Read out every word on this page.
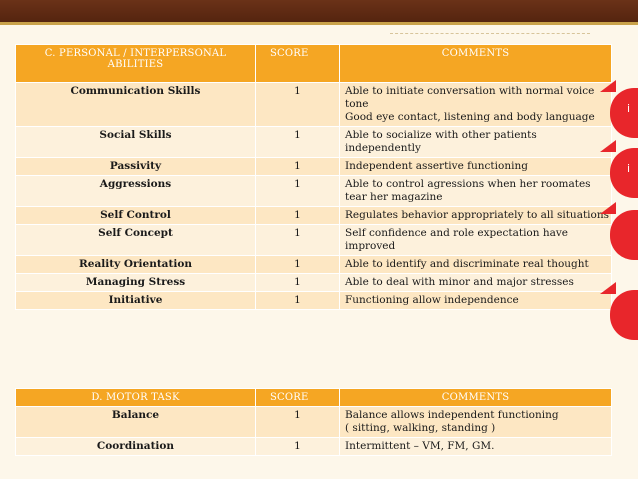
C. PERSONAL / INTERPERSONAL ABILITIES	SCORE	COMMENTS
Communication Skills	1	Able to initiate conversation with normal voice
tone
Good eye contact, listening and body language

Social Skills	1	Able to socialize with other patients
independently

Passivity	1	Independent assertive functioning

Aggressions	1	Able to control agressions when her roomates
tear her magazine

Self Control	1	Regulates behavior appropriately to all situations

Self Concept	1	Self confidence and role expectation have
improved

Reality Orientation	1	Able to identify and discriminate real thought

Managing Stress	1	Able to deal with minor and major stresses

Initiative	1	Functioning allow independence
D. MOTOR TASK	SCORE	COMMENTS
Balance	1	Balance allows independent functioning
( sitting, walking, standing )

Coordination	1	Intermittent – VM, FM, GM.
i
i
